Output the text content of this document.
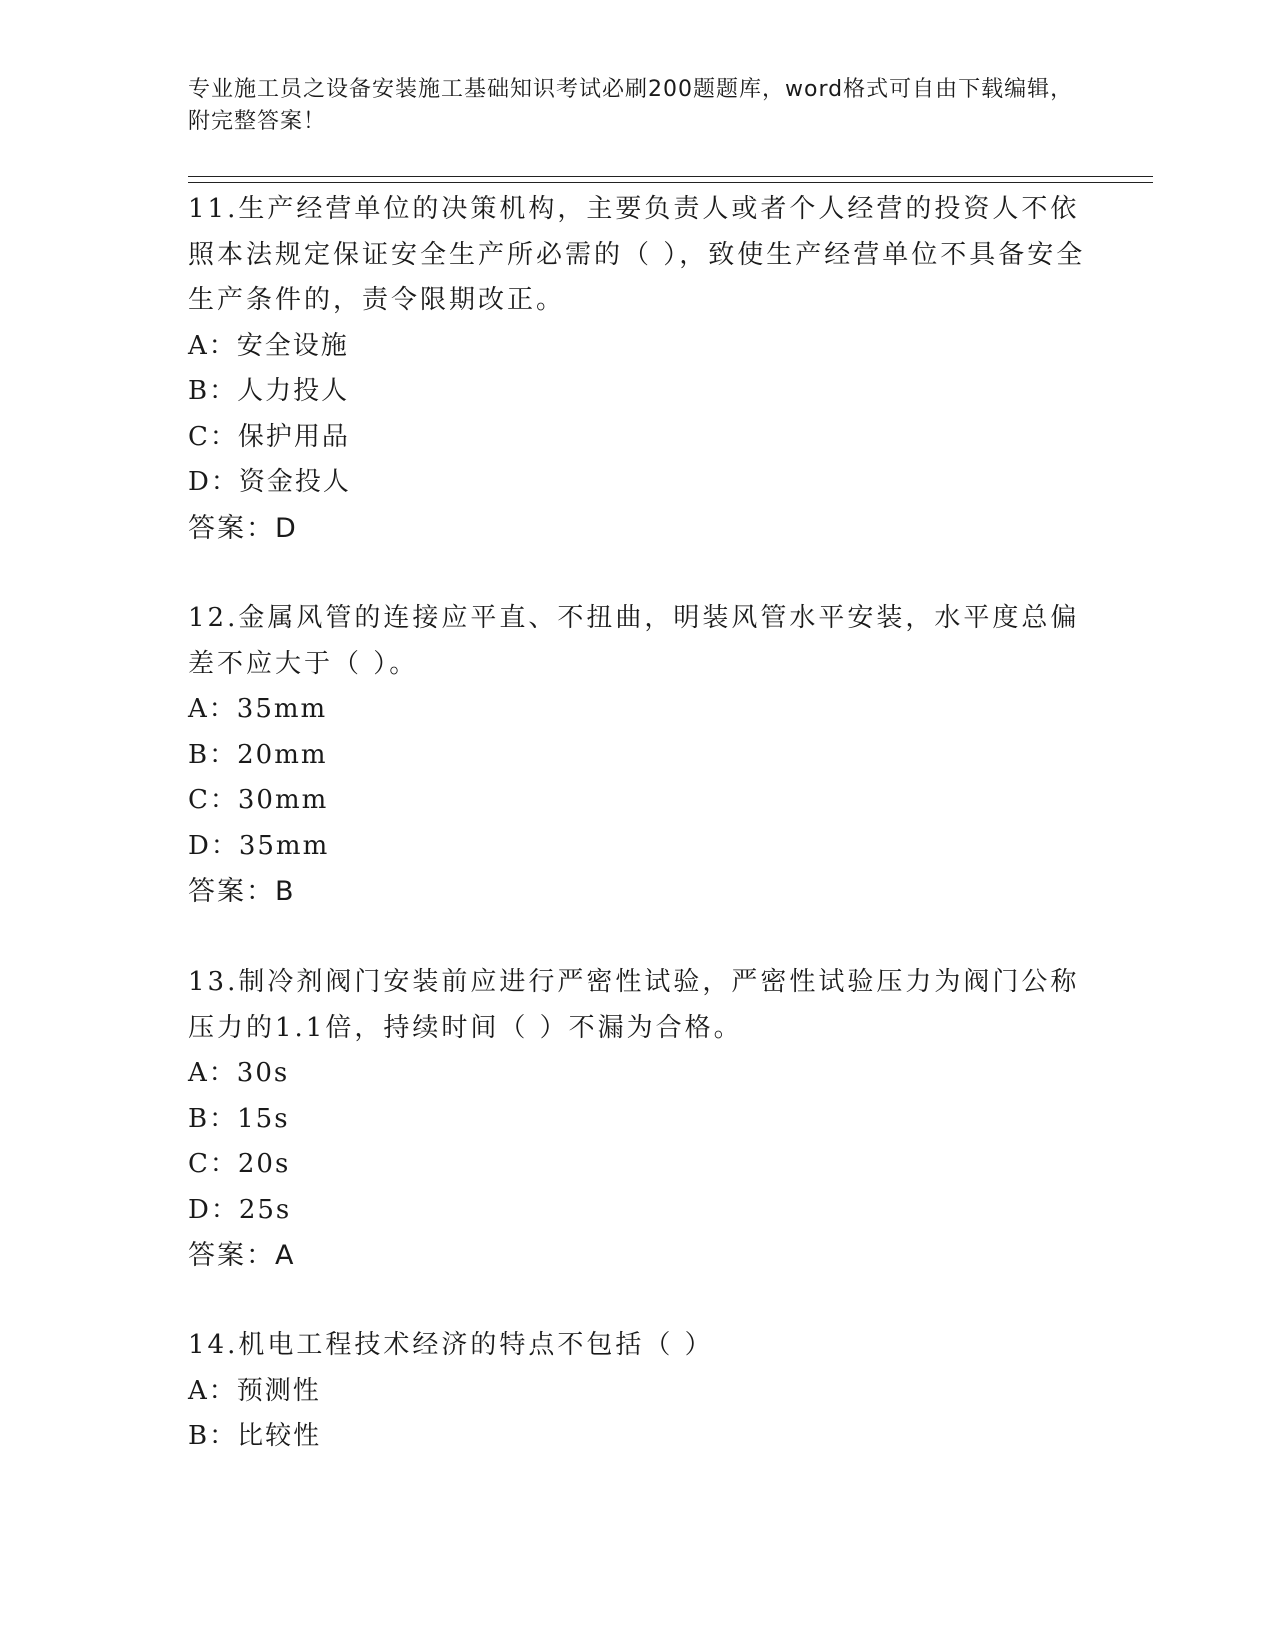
专业施工员之设备安装施工基础知识考试必刷200题题库，word格式可自由下载编辑，附完整答案！
11.生产经营单位的决策机构，主要负责人或者个人经营的投资人不依照本法规定保证安全生产所必需的（ ），致使生产经营单位不具备安全生产条件的，责令限期改正。
A：安全设施
B：人力投人
C：保护用品
D：资金投人
答案：D
12.金属风管的连接应平直、不扭曲，明装风管水平安装，水平度总偏差不应大于（ ）。
A：35mm
B：20mm
C：30mm
D：35mm
答案：B
13.制冷剂阀门安装前应进行严密性试验，严密性试验压力为阀门公称压力的1.1倍，持续时间（ ）不漏为合格。
A：30s
B：15s
C：20s
D：25s
答案：A
14.机电工程技术经济的特点不包括（ ）
A：预测性
B：比较性
